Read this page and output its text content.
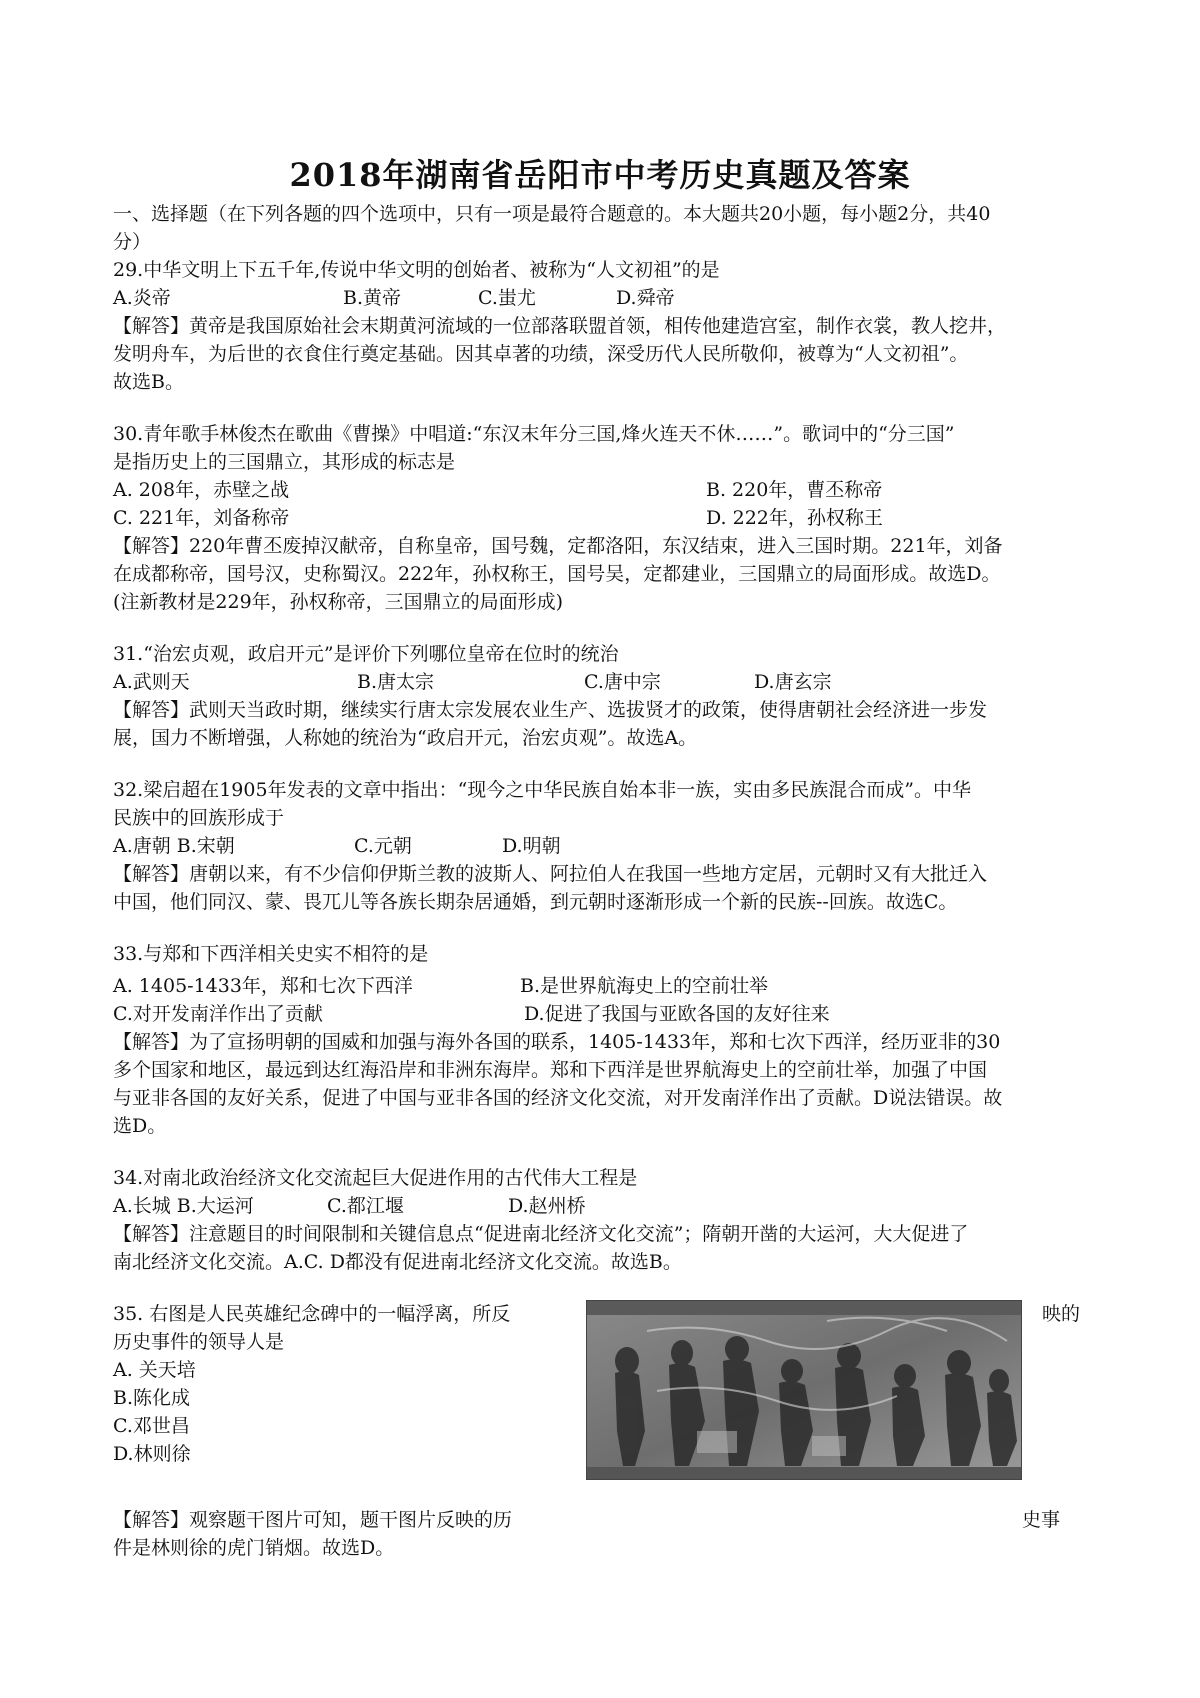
2018年湖南省岳阳市中考历史真题及答案
一、选择题（在下列各题的四个选项中，只有一项是最符合题意的。本大题共20小题，每小题2分，共40
分）
29.中华文明上下五千年,传说中华文明的创始者、被称为“人文初祖”的是
A.炎帝	B.黄帝	C.蚩尤	D.舜帝
【解答】黄帝是我国原始社会末期黄河流域的一位部落联盟首领，相传他建造宫室，制作衣裳，教人挖井，
发明舟车，为后世的衣食住行奠定基础。因其卓著的功绩，深受历代人民所敬仰，被尊为“人文初祖”。
故选B。
30.青年歌手林俊杰在歌曲《曹操》中唱道:“东汉末年分三国,烽火连天不休……”。歌词中的“分三国”
是指历史上的三国鼎立，其形成的标志是
A. 208年，赤壁之战	B. 220年，曹丕称帝
C. 221年，刘备称帝	D. 222年，孙权称王
【解答】220年曹丕废掉汉献帝，自称皇帝，国号魏，定都洛阳，东汉结束，进入三国时期。221年，刘备
在成都称帝，国号汉，史称蜀汉。222年，孙权称王，国号吴，定都建业，三国鼎立的局面形成。故选D。
(注新教材是229年，孙权称帝，三国鼎立的局面形成)
31.“治宏贞观，政启开元”是评价下列哪位皇帝在位时的统治
A.武则天	B.唐太宗	C.唐中宗	D.唐玄宗
【解答】武则天当政时期，继续实行唐太宗发展农业生产、选拔贤才的政策，使得唐朝社会经济进一步发
展，国力不断增强，人称她的统治为“政启开元，治宏贞观”。故选A。
32.梁启超在1905年发表的文章中指出：“现今之中华民族自始本非一族，实由多民族混合而成”。中华
民族中的回族形成于
A.唐朝 B.宋朝	C.元朝	D.明朝
【解答】唐朝以来，有不少信仰伊斯兰教的波斯人、阿拉伯人在我国一些地方定居，元朝时又有大批迁入
中国，他们同汉、蒙、畏兀儿等各族长期杂居通婚，到元朝时逐渐形成一个新的民族--回族。故选C。
33.与郑和下西洋相关史实不相符的是
A. 1405-1433年，郑和七次下西洋	B.是世界航海史上的空前壮举
C.对开发南洋作出了贡献	D.促进了我国与亚欧各国的友好往来
【解答】为了宣扬明朝的国威和加强与海外各国的联系，1405-1433年，郑和七次下西洋，经历亚非的30
多个国家和地区，最远到达红海沿岸和非洲东海岸。郑和下西洋是世界航海史上的空前壮举，加强了中国
与亚非各国的友好关系，促进了中国与亚非各国的经济文化交流，对开发南洋作出了贡献。D说法错误。故
选D。
34.对南北政治经济文化交流起巨大促进作用的古代伟大工程是
A.长城 B.大运河	C.都江堰	D.赵州桥
【解答】注意题目的时间限制和关键信息点“促进南北经济文化交流”；隋朝开凿的大运河，大大促进了
南北经济文化交流。A.C. D都没有促进南北经济文化交流。故选B。
35. 右图是人民英雄纪念碑中的一幅浮离，所反	映的
历史事件的领导人是
A. 关天培
B.陈化成
C.邓世昌
D.林则徐
【解答】观察题干图片可知，题干图片反映的历	史事
件是林则徐的虎门销烟。故选D。
